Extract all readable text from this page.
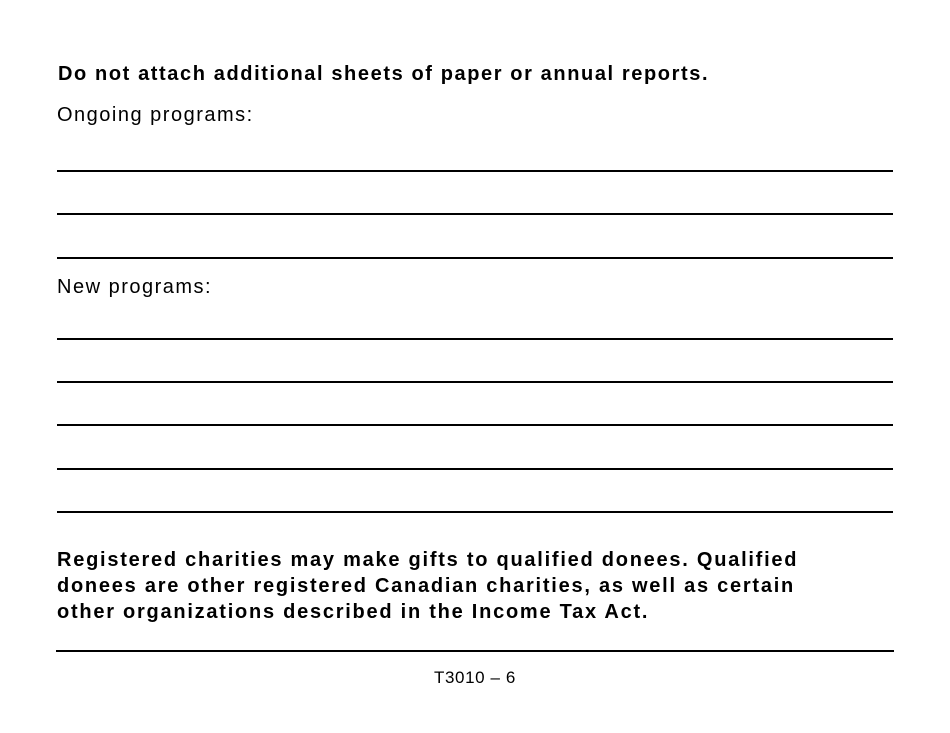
Do not attach additional sheets of paper or annual reports.
Ongoing programs:
New programs:
Registered charities may make gifts to qualified donees. Qualified
donees are other registered Canadian charities, as well as certain
other organizations described in the Income Tax Act.
T3010 – 6
